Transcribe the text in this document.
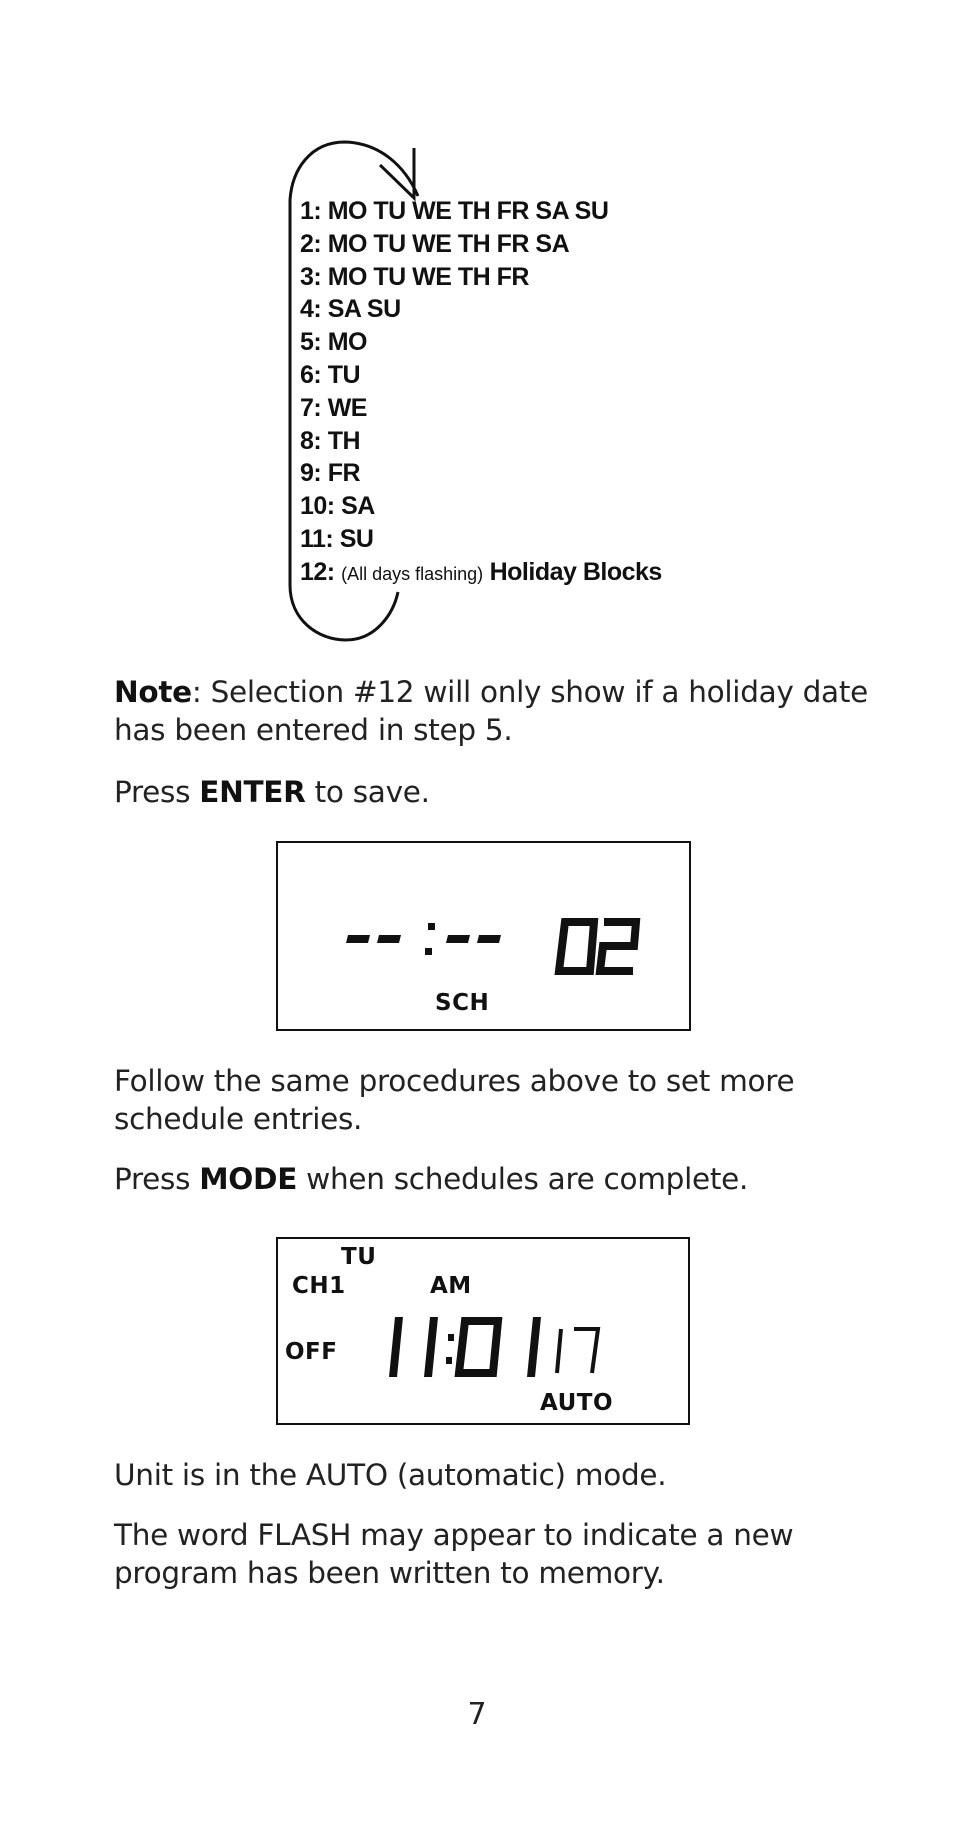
1: MO TU WE TH FR SA SU
2: MO TU WE TH FR SA
3: MO TU WE TH FR
4: SA SU
5: MO
6: TU
7: WE
8: TH
9: FR
10: SA
11: SU
12: (All days flashing) Holiday Blocks
Note: Selection #12 will only show if a holiday date
has been entered in step 5.
Press ENTER to save.
SCH
Follow the same procedures above to set more
schedule entries.
Press MODE when schedules are complete.
TU
CH1	AM
OFF
AUTO
Unit is in the AUTO (automatic) mode.
The word FLASH may appear to indicate a new
program has been written to memory.
7
